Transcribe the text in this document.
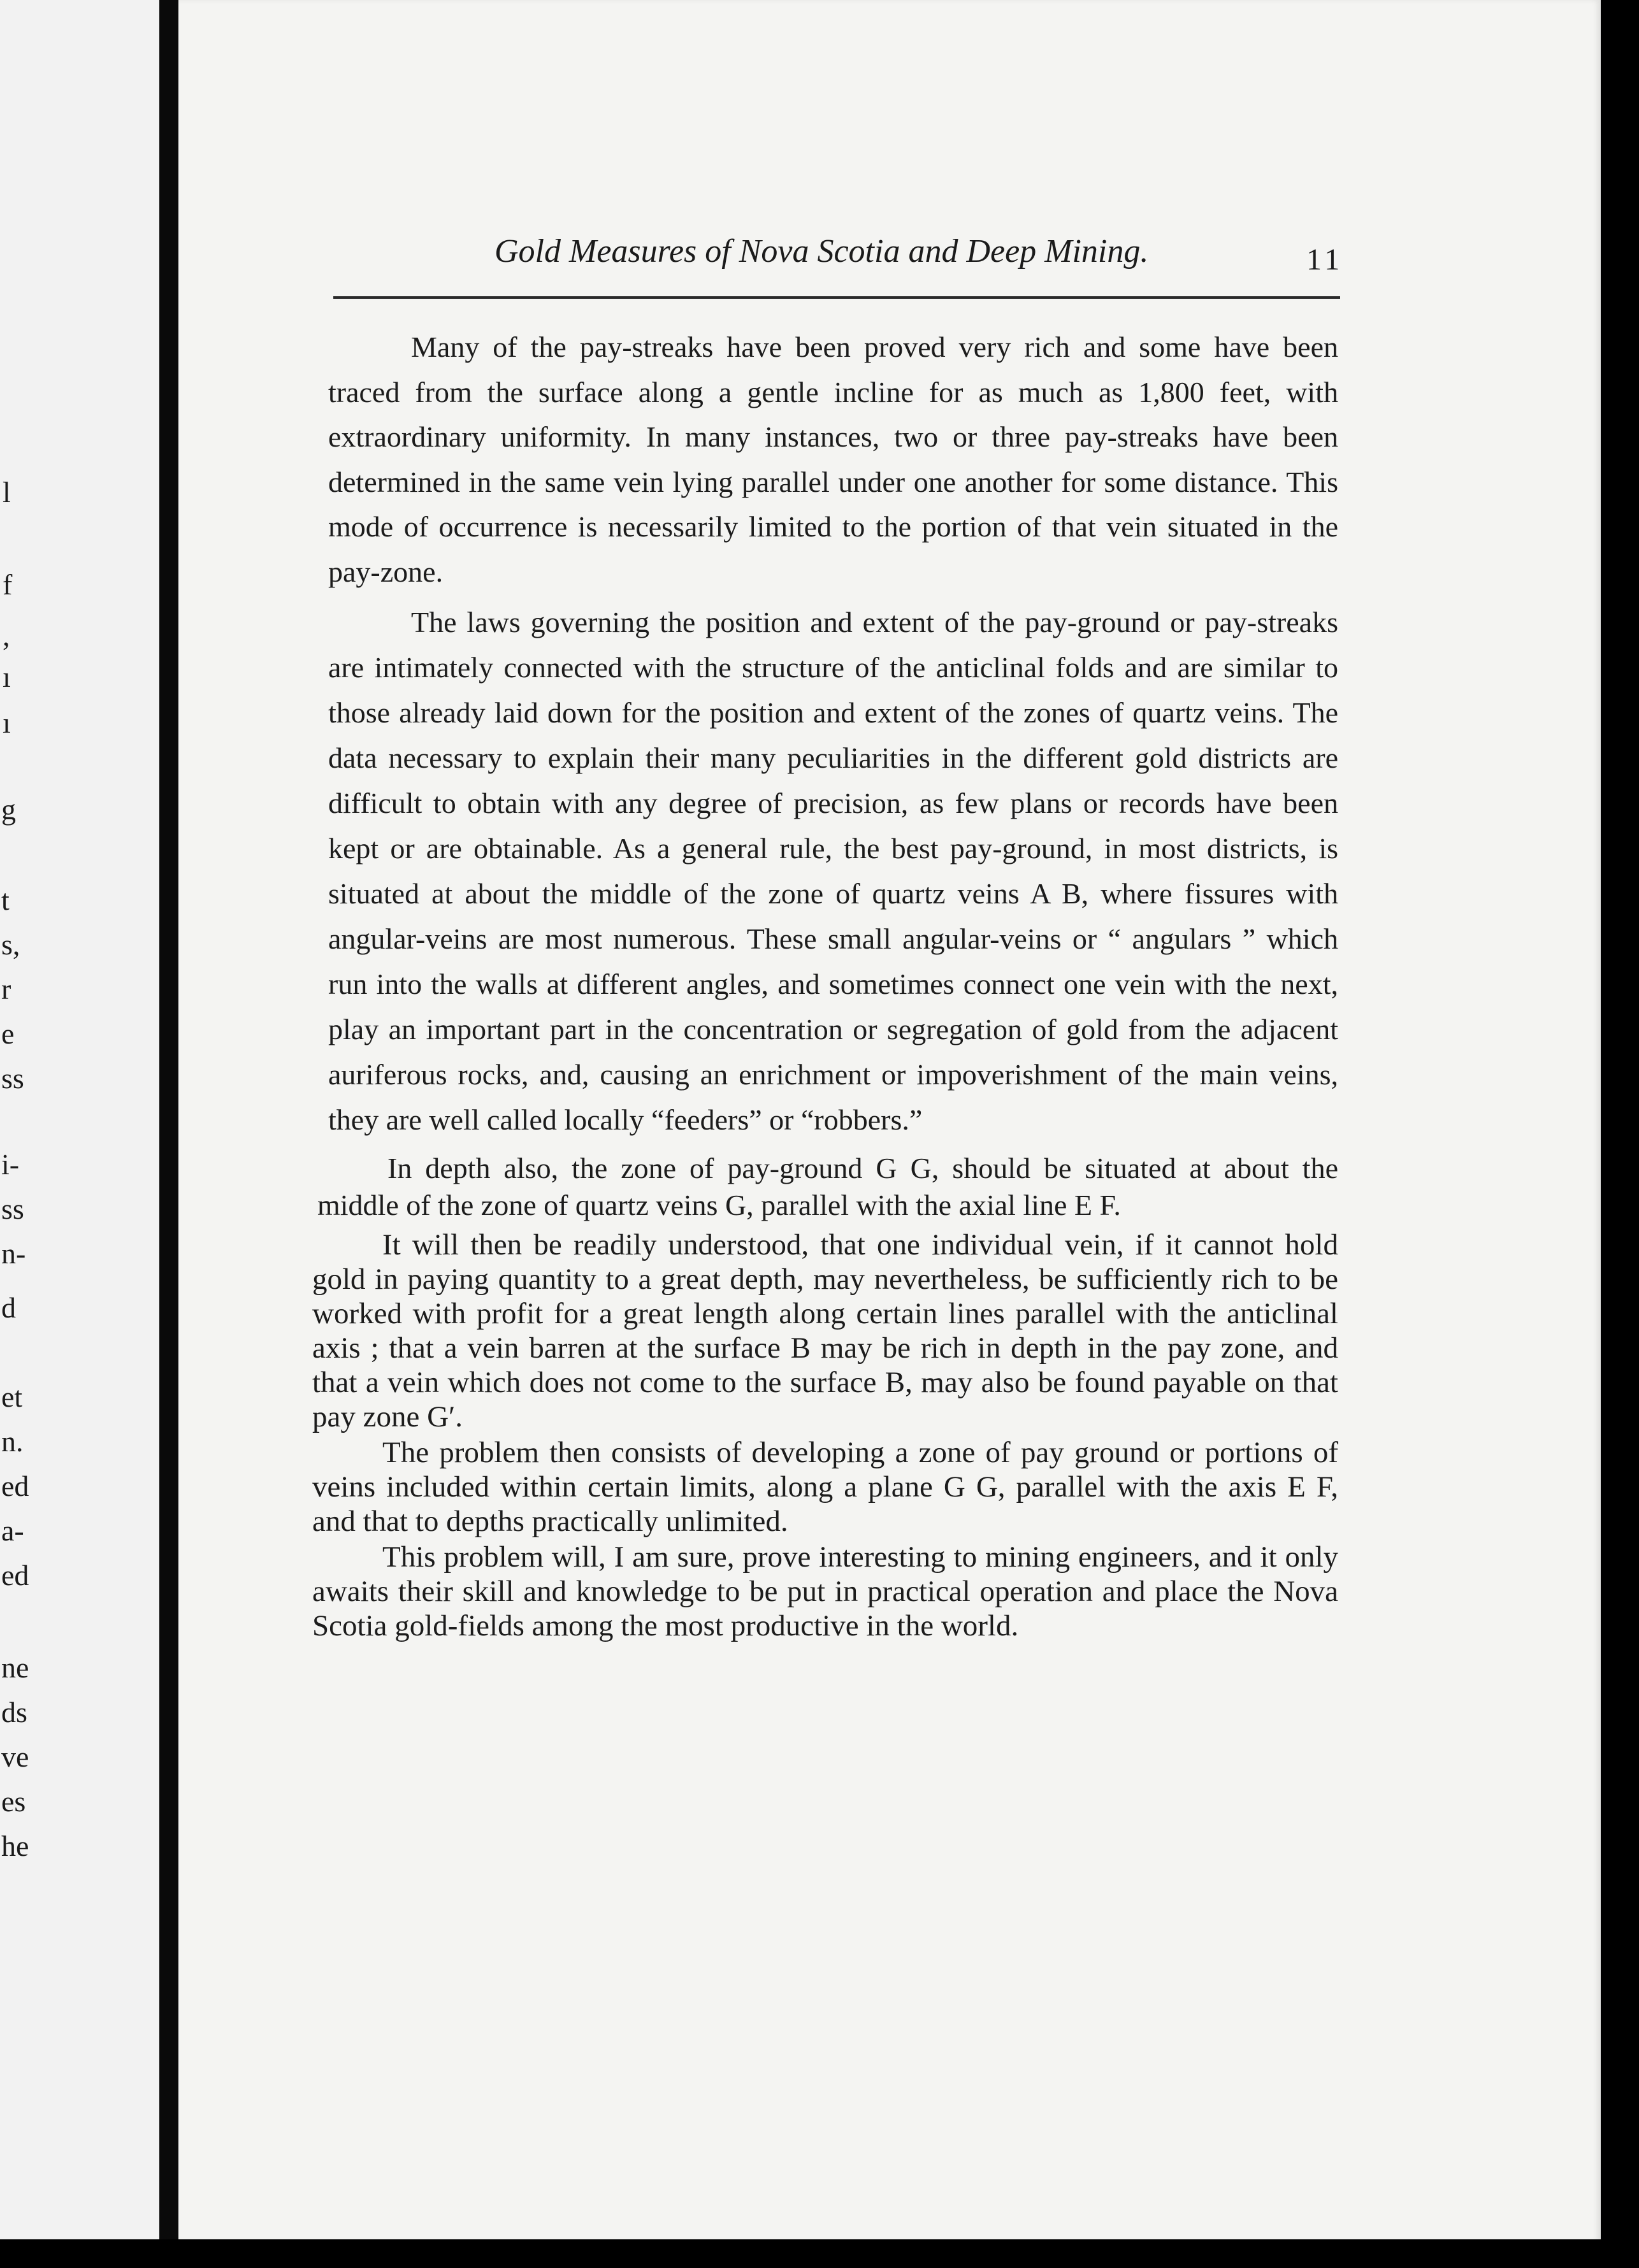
l
f
,
ı
ı
g
t
s,
r
e
ss
i-
ss
n-
d
et
n.
ed
a-
ed
ne
ds
ve
es
he
Gold Measures of Nova Scotia and Deep Mining.	11

Many of the pay-streaks have been proved very rich and some have been traced from the surface along a gentle incline for as much as 1,800 feet, with extraordinary uniformity. In many instances, two or three pay-streaks have been determined in the same vein lying parallel under one another for some distance. This mode of occurrence is necessarily limited to the portion of that vein situated in the pay-zone.

The laws governing the position and extent of the pay-ground or pay-streaks are intimately connected with the structure of the anticlinal folds and are similar to those already laid down for the position and extent of the zones of quartz veins. The data necessary to explain their many peculiarities in the different gold districts are difficult to obtain with any degree of precision, as few plans or records have been kept or are obtainable. As a general rule, the best pay-ground, in most districts, is situated at about the middle of the zone of quartz veins A B, where fissures with angular-veins are most numerous. These small angular-veins or “ angulars ” which run into the walls at different angles, and sometimes connect one vein with the next, play an important part in the concentration or segregation of gold from the adjacent auriferous rocks, and, causing an enrichment or impoverishment of the main veins, they are well called locally “feeders” or “robbers.”

In depth also, the zone of pay-ground G G, should be situated at about the middle of the zone of quartz veins G, parallel with the axial line E F.

It will then be readily understood, that one individual vein, if it cannot hold gold in paying quantity to a great depth, may nevertheless, be sufficiently rich to be worked with profit for a great length along certain lines parallel with the anticlinal axis ; that a vein barren at the surface B may be rich in depth in the pay zone, and that a vein which does not come to the surface B, may also be found payable on that pay zone G′.

The problem then consists of developing a zone of pay ground or portions of veins included within certain limits, along a plane G G, parallel with the axis E F, and that to depths practically unlimited.

This problem will, I am sure, prove interesting to mining engineers, and it only awaits their skill and knowledge to be put in practical operation and place the Nova Scotia gold-fields among the most productive in the world.
